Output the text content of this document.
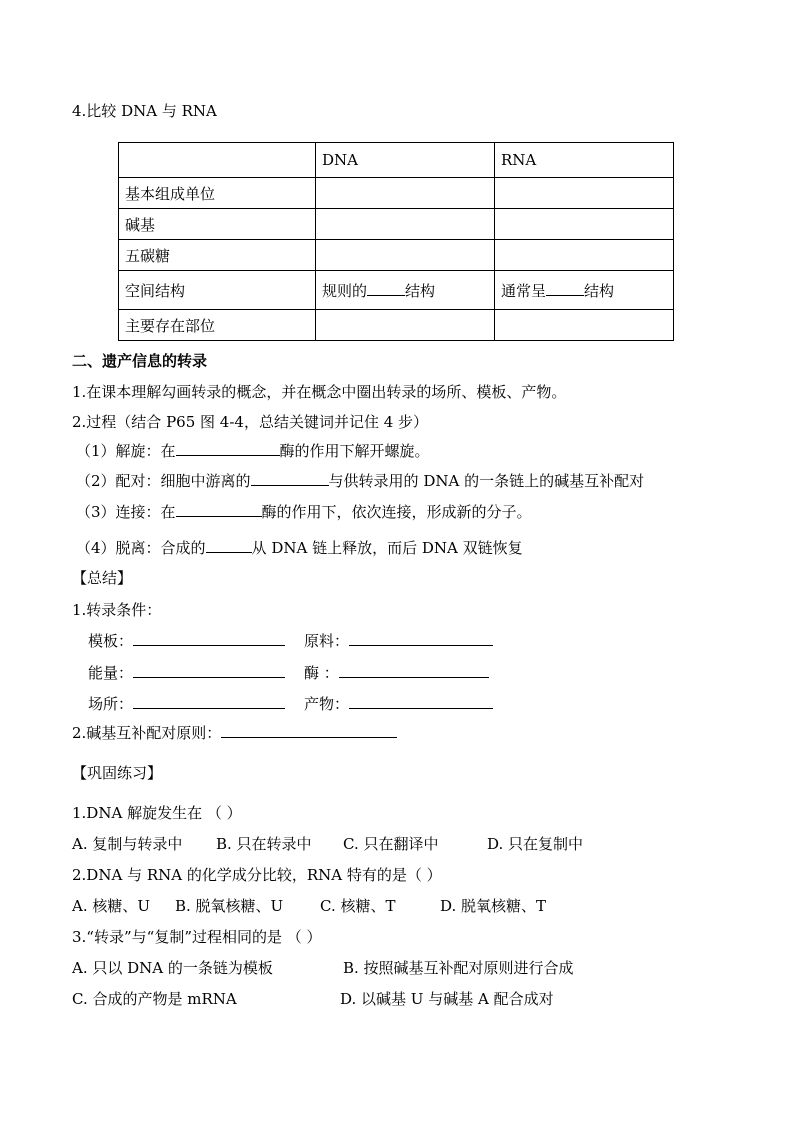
4.比较 DNA 与 RNA
	DNA	RNA
基本组成单位		
碱基		
五碳糖		
空间结构	规则的 结构	通常呈 结构
主要存在部位		
二、遗产信息的转录
1.在课本理解勾画转录的概念，并在概念中圈出转录的场所、模板、产物。
2.过程（结合 P65 图 4-4，总结关键词并记住 4 步）
（1）解旋：在	酶的作用下解开螺旋。
（2）配对：细胞中游离的	与供转录用的 DNA 的一条链上的碱基互补配对
（3）连接：在	酶的作用下，依次连接，形成新的分子。
（4）脱离：合成的	从 DNA 链上释放，而后 DNA 双链恢复
【总结】
1.转录条件：
模板：	原料：
能量：	酶 ：
场所：	产物：
2.碱基互补配对原则：
【巩固练习】
1.DNA 解旋发生在 （ ）
A. 复制与转录中 B. 只在转录中 C. 只在翻译中	D. 只在复制中
2.DNA 与 RNA 的化学成分比较，RNA 特有的是（ ）
A. 核糖、U B. 脱氧核糖、U C. 核糖、T	D. 脱氧核糖、T
3.“转录”与“复制”过程相同的是 （ ）
A. 只以 DNA 的一条链为模板	B. 按照碱基互补配对原则进行合成
C. 合成的产物是 mRNA	D. 以碱基 U 与碱基 A 配合成对
